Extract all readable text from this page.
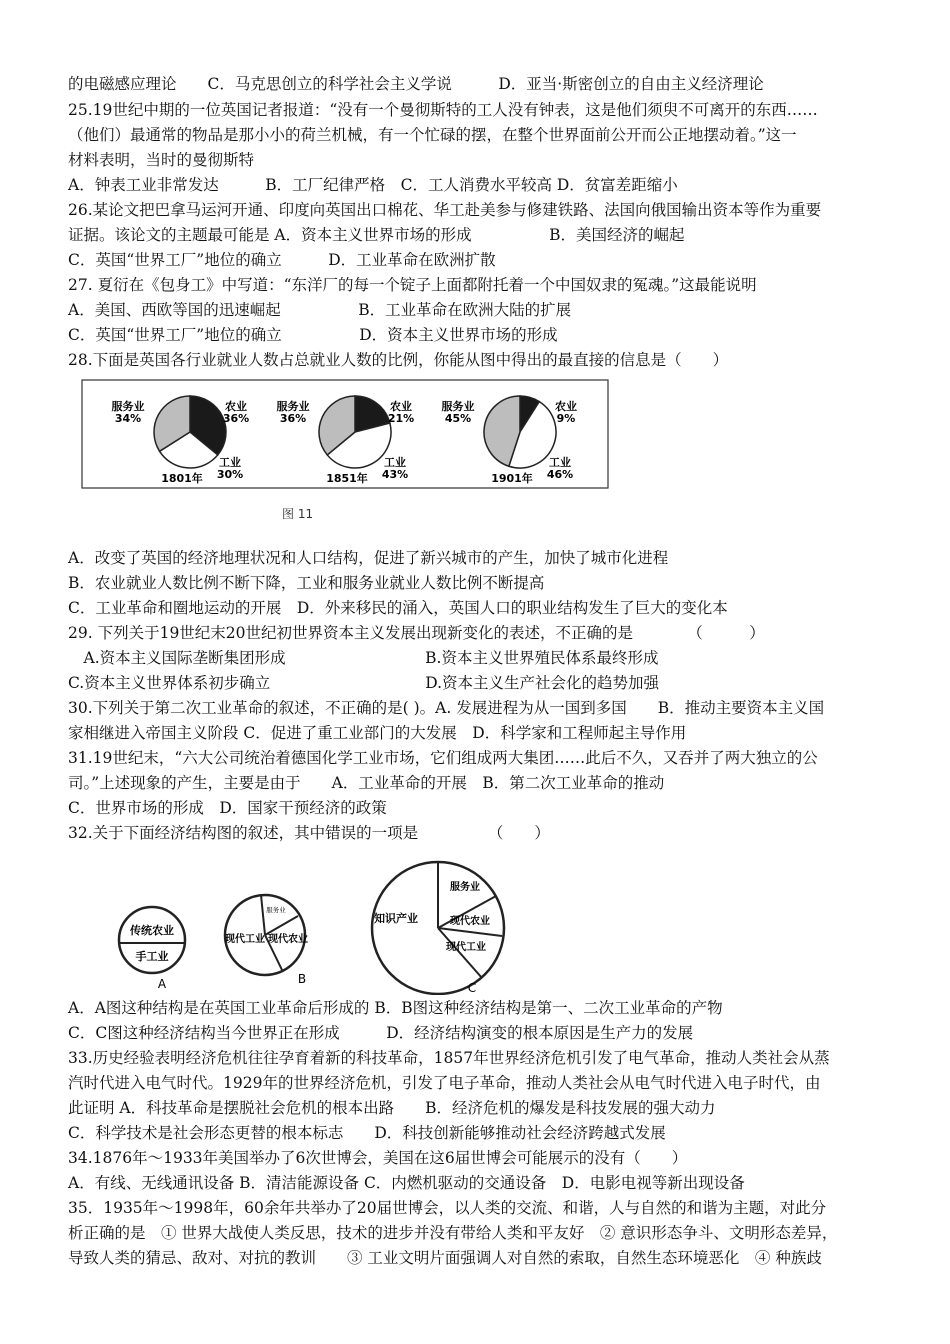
的电磁感应理论　　C．马克思创立的科学社会主义学说　　　D．亚当·斯密创立的自由主义经济理论
25.19世纪中期的一位英国记者报道：“没有一个曼彻斯特的工人没有钟表，这是他们须臾不可离开的东西……
（他们）最通常的物品是那小小的荷兰机械，有一个忙碌的摆，在整个世界面前公开而公正地摆动着。”这一
材料表明，当时的曼彻斯特
A．钟表工业非常发达　　　B．工厂纪律严格　C．工人消费水平较高 D．贫富差距缩小
26.某论文把巴拿马运河开通、印度向英国出口棉花、华工赴美参与修建铁路、法国向俄国输出资本等作为重要
证据。该论文的主题最可能是 A．资本主义世界市场的形成　　　　　B．美国经济的崛起
C．英国“世界工厂”地位的确立　　　D．工业革命在欧洲扩散
27. 夏衍在《包身工》中写道：“东洋厂的每一个锭子上面都附托着一个中国奴隶的冤魂。”这最能说明
A．美国、西欧等国的迅速崛起　　　　　B．工业革命在欧洲大陆的扩展
C．英国“世界工厂”地位的确立　　　　　D．资本主义世界市场的形成
28.下面是英国各行业就业人数占总就业人数的比例，你能从图中得出的最直接的信息是（　　）
服务业
34%
农业
36%
工业
30%
1801年
服务业
36%
农业
21%
工业
43%
1851年
服务业
45%
农业
9%
工业
46%
1901年
图 11
A．改变了英国的经济地理状况和人口结构，促进了新兴城市的产生，加快了城市化进程
B．农业就业人数比例不断下降，工业和服务业就业人数比例不断提高
C．工业革命和圈地运动的开展　D．外来移民的涌入，英国人口的职业结构发生了巨大的变化本
29. 下列关于19世纪末20世纪初世界资本主义发展出现新变化的表述，不正确的是　　　　（　　　）
　A.资本主义国际垄断集团形成　　　　　　　　　B.资本主义世界殖民体系最终形成
C.资本主义世界体系初步确立　　　　　　　　　　D.资本主义生产社会化的趋势加强
30.下列关于第二次工业革命的叙述，不正确的是( )。A. 发展进程为从一国到多国　　B．推动主要资本主义国
家相继进入帝国主义阶段 C．促进了重工业部门的大发展　D．科学家和工程师起主导作用
31.19世纪末，“六大公司统治着德国化学工业市场，它们组成两大集团……此后不久，又吞并了两大独立的公
司。”上述现象的产生，主要是由于　　A．工业革命的开展　B．第二次工业革命的推动
C．世界市场的形成　D．国家干预经济的政策
32.关于下面经济结构图的叙述，其中错误的一项是　　　　　（　　）
传统农业
手工业
A
现代工业 现代农业
服务业
B
知识产业
服务业
现代农业
现代工业
C
A．A图这种结构是在英国工业革命后形成的 B．B图这种经济结构是第一、二次工业革命的产物
C．C图这种经济结构当今世界正在形成　　　D．经济结构演变的根本原因是生产力的发展
33.历史经验表明经济危机往往孕育着新的科技革命，1857年世界经济危机引发了电气革命，推动人类社会从蒸
汽时代进入电气时代。1929年的世界经济危机，引发了电子革命，推动人类社会从电气时代进入电子时代，由
此证明 A．科技革命是摆脱社会危机的根本出路　　B．经济危机的爆发是科技发展的强大动力
C．科学技术是社会形态更替的根本标志　　D．科技创新能够推动社会经济跨越式发展
34.1876年～1933年美国举办了6次世博会，美国在这6届世博会可能展示的没有（　　）
A．有线、无线通讯设备 B．清洁能源设备 C．内燃机驱动的交通设备　D．电影电视等新出现设备
35．1935年～1998年，60余年共举办了20届世博会，以人类的交流、和谐，人与自然的和谐为主题，对此分
析正确的是　① 世界大战使人类反思，技术的进步并没有带给人类和平友好　② 意识形态争斗、文明形态差异，
导致人类的猜忌、敌对、对抗的教训　　③ 工业文明片面强调人对自然的索取，自然生态环境恶化　④ 种族歧
